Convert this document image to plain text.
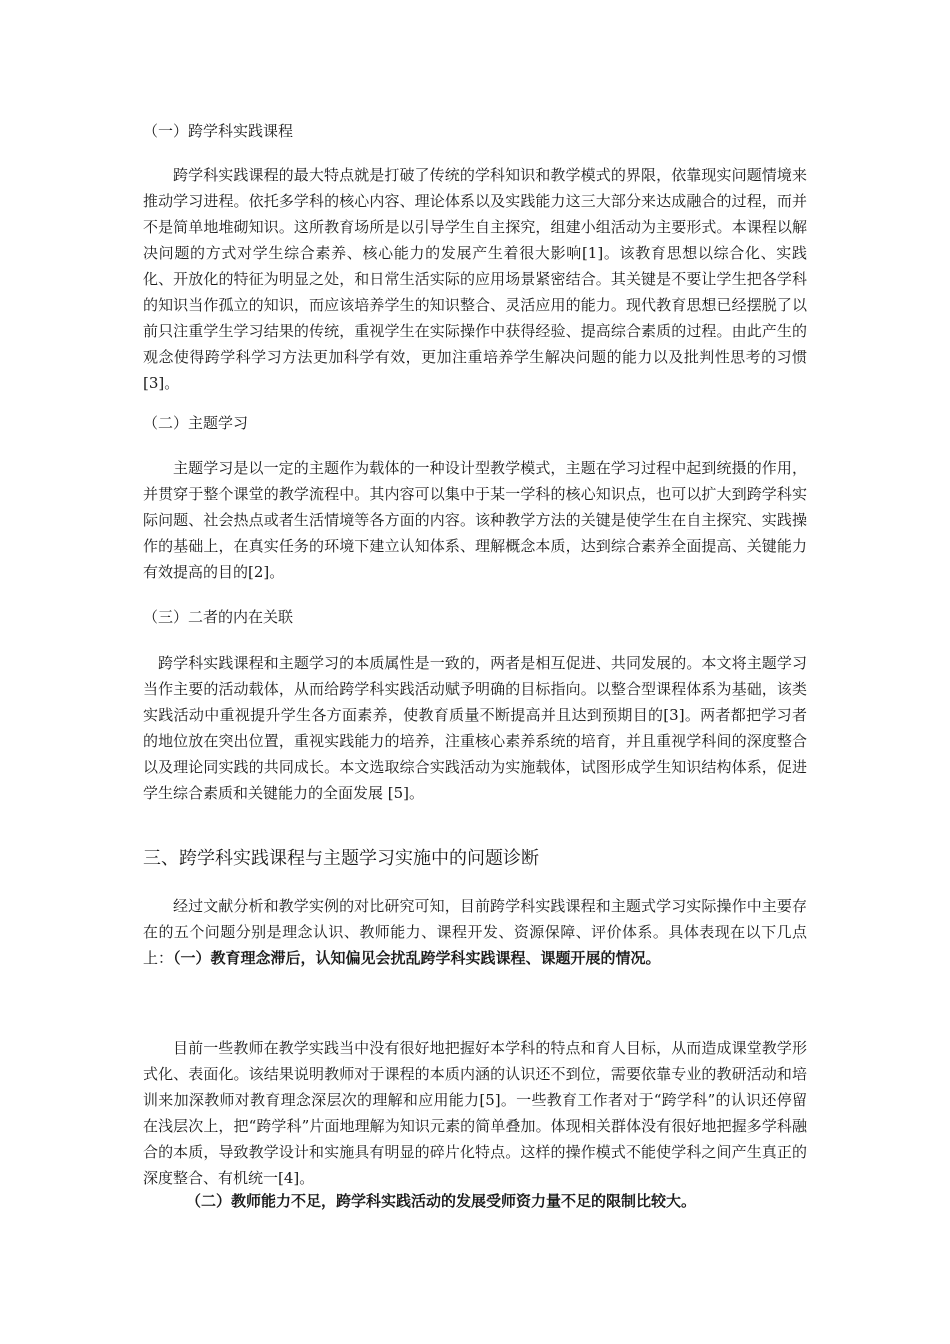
（一）跨学科实践课程

跨学科实践课程的最大特点就是打破了传统的学科知识和教学模式的界限，依靠现实问题情境来推动学习进程。依托多学科的核心内容、理论体系以及实践能力这三大部分来达成融合的过程，而并不是简单地堆砌知识。这所教育场所是以引导学生自主探究，组建小组活动为主要形式。本课程以解决问题的方式对学生综合素养、核心能力的发展产生着很大影响[1]。该教育思想以综合化、实践化、开放化的特征为明显之处，和日常生活实际的应用场景紧密结合。其关键是不要让学生把各学科的知识当作孤立的知识，而应该培养学生的知识整合、灵活应用的能力。现代教育思想已经摆脱了以前只注重学生学习结果的传统，重视学生在实际操作中获得经验、提高综合素质的过程。由此产生的观念使得跨学科学习方法更加科学有效，更加注重培养学生解决问题的能力以及批判性思考的习惯[3]。

（二）主题学习

主题学习是以一定的主题作为载体的一种设计型教学模式，主题在学习过程中起到统摄的作用，并贯穿于整个课堂的教学流程中。其内容可以集中于某一学科的核心知识点，也可以扩大到跨学科实际问题、社会热点或者生活情境等各方面的内容。该种教学方法的关键是使学生在自主探究、实践操作的基础上，在真实任务的环境下建立认知体系、理解概念本质，达到综合素养全面提高、关键能力有效提高的目的[2]。

（三）二者的内在关联

跨学科实践课程和主题学习的本质属性是一致的，两者是相互促进、共同发展的。本文将主题学习当作主要的活动载体，从而给跨学科实践活动赋予明确的目标指向。以整合型课程体系为基础，该类实践活动中重视提升学生各方面素养，使教育质量不断提高并且达到预期目的[3]。两者都把学习者的地位放在突出位置，重视实践能力的培养，注重核心素养系统的培育，并且重视学科间的深度整合以及理论同实践的共同成长。本文选取综合实践活动为实施载体，试图形成学生知识结构体系，促进学生综合素质和关键能力的全面发展 [5]。

三、跨学科实践课程与主题学习实施中的问题诊断

经过文献分析和教学实例的对比研究可知，目前跨学科实践课程和主题式学习实际操作中主要存在的五个问题分别是理念认识、教师能力、课程开发、资源保障、评价体系。具体表现在以下几点上：（一）教育理念滞后，认知偏见会扰乱跨学科实践课程、课题开展的情况。

目前一些教师在教学实践当中没有很好地把握好本学科的特点和育人目标，从而造成课堂教学形式化、表面化。该结果说明教师对于课程的本质内涵的认识还不到位，需要依靠专业的教研活动和培训来加深教师对教育理念深层次的理解和应用能力[5]。一些教育工作者对于“跨学科”的认识还停留在浅层次上，把“跨学科”片面地理解为知识元素的简单叠加。体现相关群体没有很好地把握多学科融合的本质，导致教学设计和实施具有明显的碎片化特点。这样的操作模式不能使学科之间产生真正的深度整合、有机统一[4]。

（二）教师能力不足，跨学科实践活动的发展受师资力量不足的限制比较大。
